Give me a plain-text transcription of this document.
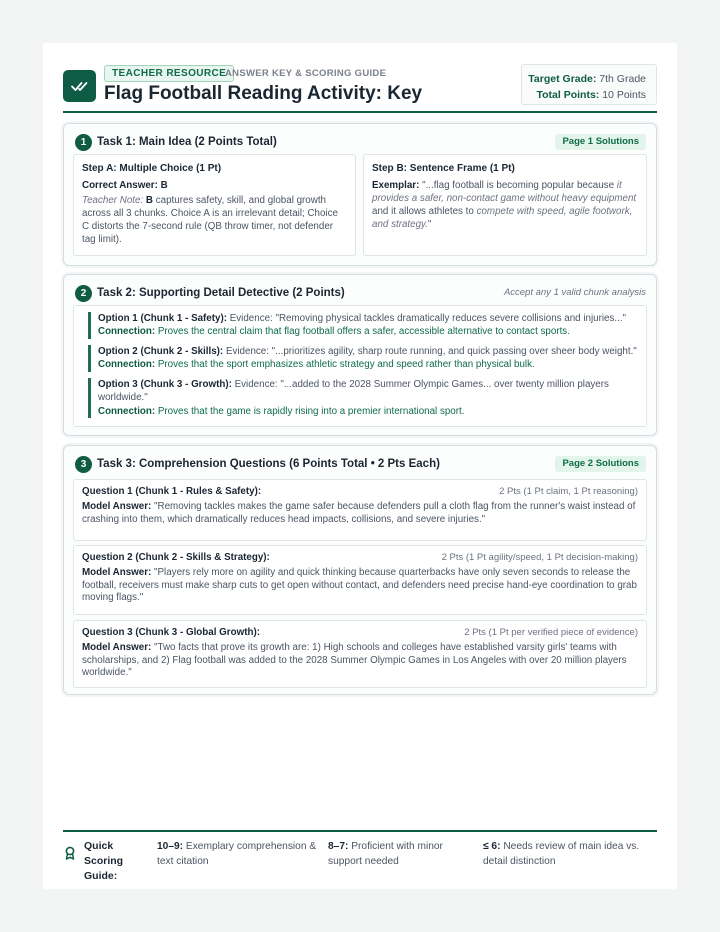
TEACHER RESOURCE
ANSWER KEY & SCORING GUIDE
Flag Football Reading Activity: Key
Target Grade: 7th Grade
Total Points: 10 Points
1 Task 1: Main Idea (2 Points Total)	Page 1 Solutions
Step A: Multiple Choice (1 Pt)
Correct Answer: B
Teacher Note: B captures safety, skill, and global growth across all 3 chunks. Choice A is an irrelevant detail; Choice C distorts the 7-second rule (QB throw timer, not defender tag limit).
Step B: Sentence Frame (1 Pt)
Exemplar: "...flag football is becoming popular because it provides a safer, non-contact game without heavy equipment and it allows athletes to compete with speed, agile footwork, and strategy."
2 Task 2: Supporting Detail Detective (2 Points)	Accept any 1 valid chunk analysis
Option 1 (Chunk 1 - Safety): Evidence: "Removing physical tackles dramatically reduces severe collisions and injuries..."
Connection: Proves the central claim that flag football offers a safer, accessible alternative to contact sports.
Option 2 (Chunk 2 - Skills): Evidence: "...prioritizes agility, sharp route running, and quick passing over sheer body weight."
Connection: Proves that the sport emphasizes athletic strategy and speed rather than physical bulk.
Option 3 (Chunk 3 - Growth): Evidence: "...added to the 2028 Summer Olympic Games... over twenty million players worldwide."
Connection: Proves that the game is rapidly rising into a premier international sport.
3 Task 3: Comprehension Questions (6 Points Total • 2 Pts Each)	Page 2 Solutions
Question 1 (Chunk 1 - Rules & Safety):	2 Pts (1 Pt claim, 1 Pt reasoning)
Model Answer: "Removing tackles makes the game safer because defenders pull a cloth flag from the runner's waist instead of crashing into them, which dramatically reduces head impacts, collisions, and severe injuries."
Question 2 (Chunk 2 - Skills & Strategy):	2 Pts (1 Pt agility/speed, 1 Pt decision-making)
Model Answer: "Players rely more on agility and quick thinking because quarterbacks have only seven seconds to release the football, receivers must make sharp cuts to get open without contact, and defenders need precise hand-eye coordination to grab moving flags."
Question 3 (Chunk 3 - Global Growth):	2 Pts (1 Pt per verified piece of evidence)
Model Answer: "Two facts that prove its growth are: 1) High schools and colleges have established varsity girls' teams with scholarships, and 2) Flag football was added to the 2028 Summer Olympic Games in Los Angeles with over 20 million players worldwide."
Quick Scoring Guide:
10–9: Exemplary comprehension & text citation
8–7: Proficient with minor support needed
≤ 6: Needs review of main idea vs. detail distinction
